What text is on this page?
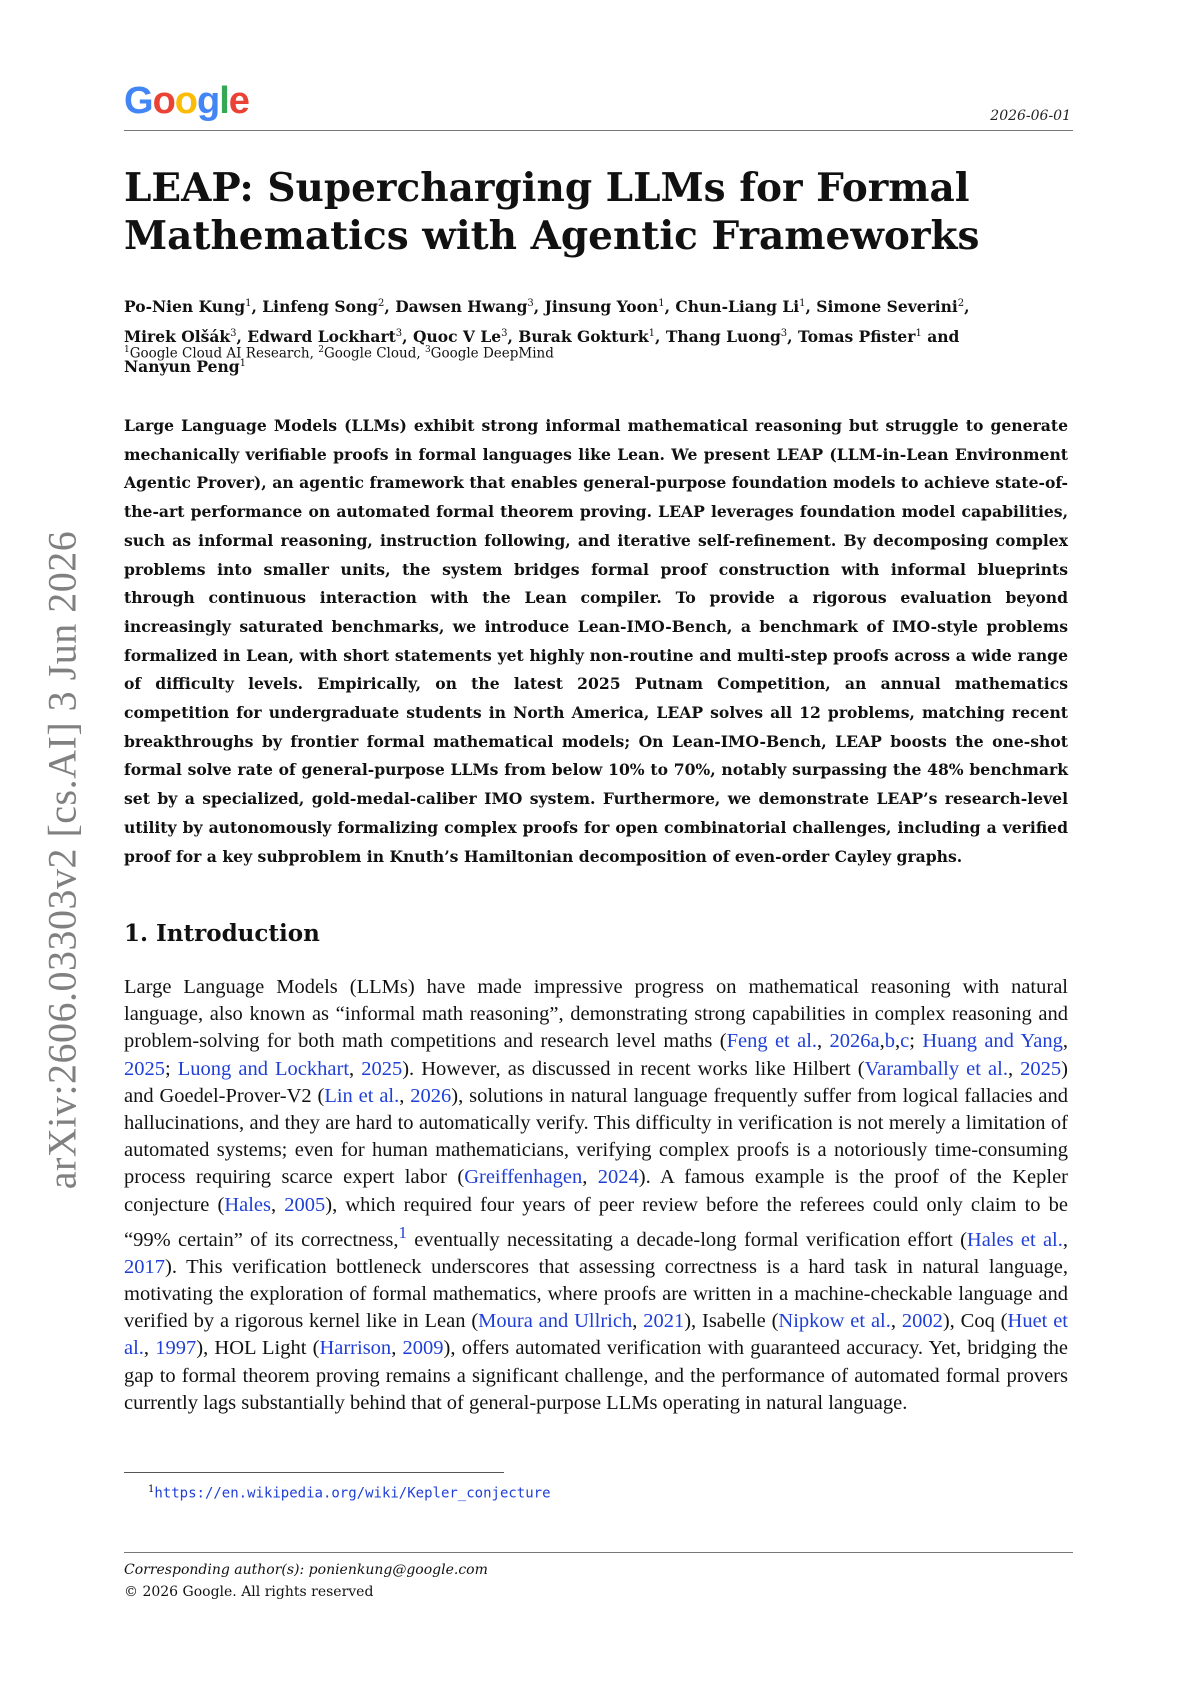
Google	2026-06-01
arXiv:2606.03303v2 [cs.AI] 3 Jun 2026
LEAP: Supercharging LLMs for Formal Mathematics with Agentic Frameworks
Po-Nien Kung$^1$, Linfeng Song$^2$, Dawsen Hwang$^3$, Jinsung Yoon$^1$, Chun-Liang Li$^1$, Simone Severini$^2$, Mirek Olšák$^3$, Edward Lockhart$^3$, Quoc V Le$^3$, Burak Gokturk$^1$, Thang Luong$^3$, Tomas Pfister$^1$ and Nanyun Peng$^1$
$^1$Google Cloud AI Research, $^2$Google Cloud, $^3$Google DeepMind

Large Language Models (LLMs) exhibit strong informal mathematical reasoning but struggle to generate mechanically verifiable proofs in formal languages like Lean. We present LEAP (LLM-in-Lean Environment Agentic Prover), an agentic framework that enables general-purpose foundation models to achieve state-of-the-art performance on automated formal theorem proving. LEAP leverages foundation model capabilities, such as informal reasoning, instruction following, and iterative self-refinement. By decomposing complex problems into smaller units, the system bridges formal proof construction with informal blueprints through continuous interaction with the Lean compiler. To provide a rigorous evaluation beyond increasingly saturated benchmarks, we introduce Lean-IMO-Bench, a benchmark of IMO-style problems formalized in Lean, with short statements yet highly non-routine and multi-step proofs across a wide range of difficulty levels. Empirically, on the latest 2025 Putnam Competition, an annual mathematics competition for undergraduate students in North America, LEAP solves all 12 problems, matching recent breakthroughs by frontier formal mathematical models; On Lean-IMO-Bench, LEAP boosts the one-shot formal solve rate of general-purpose LLMs from below 10% to 70%, notably surpassing the 48% benchmark set by a specialized, gold-medal-caliber IMO system. Furthermore, we demonstrate LEAP’s research-level utility by autonomously formalizing complex proofs for open combinatorial challenges, including a verified proof for a key subproblem in Knuth’s Hamiltonian decomposition of even-order Cayley graphs.

1. Introduction

Large Language Models (LLMs) have made impressive progress on mathematical reasoning with natural language, also known as “informal math reasoning”, demonstrating strong capabilities in complex reasoning and problem-solving for both math competitions and research level maths (Feng et al., 2026a,b,c; Huang and Yang, 2025; Luong and Lockhart, 2025). However, as discussed in recent works like Hilbert (Varambally et al., 2025) and Goedel-Prover-V2 (Lin et al., 2026), solutions in natural language frequently suffer from logical fallacies and hallucinations, and they are hard to automatically verify. This difficulty in verification is not merely a limitation of automated systems; even for human mathematicians, verifying complex proofs is a notoriously time-consuming process requiring scarce expert labor (Greiffenhagen, 2024). A famous example is the proof of the Kepler conjecture (Hales, 2005), which required four years of peer review before the referees could only claim to be “99% certain” of its correctness,$^1$ eventually necessitating a decade-long formal verification effort (Hales et al., 2017). This verification bottleneck underscores that assessing correctness is a hard task in natural language, motivating the exploration of formal mathematics, where proofs are written in a machine-checkable language and verified by a rigorous kernel like in Lean (Moura and Ullrich, 2021), Isabelle (Nipkow et al., 2002), Coq (Huet et al., 1997), HOL Light (Harrison, 2009), offers automated verification with guaranteed accuracy. Yet, bridging the gap to formal theorem proving remains a significant challenge, and the performance of automated formal provers currently lags substantially behind that of general-purpose LLMs operating in natural language.

$^1$https://en.wikipedia.org/wiki/Kepler_conjecture
Corresponding author(s): ponienkung@google.com
© 2026 Google. All rights reserved
